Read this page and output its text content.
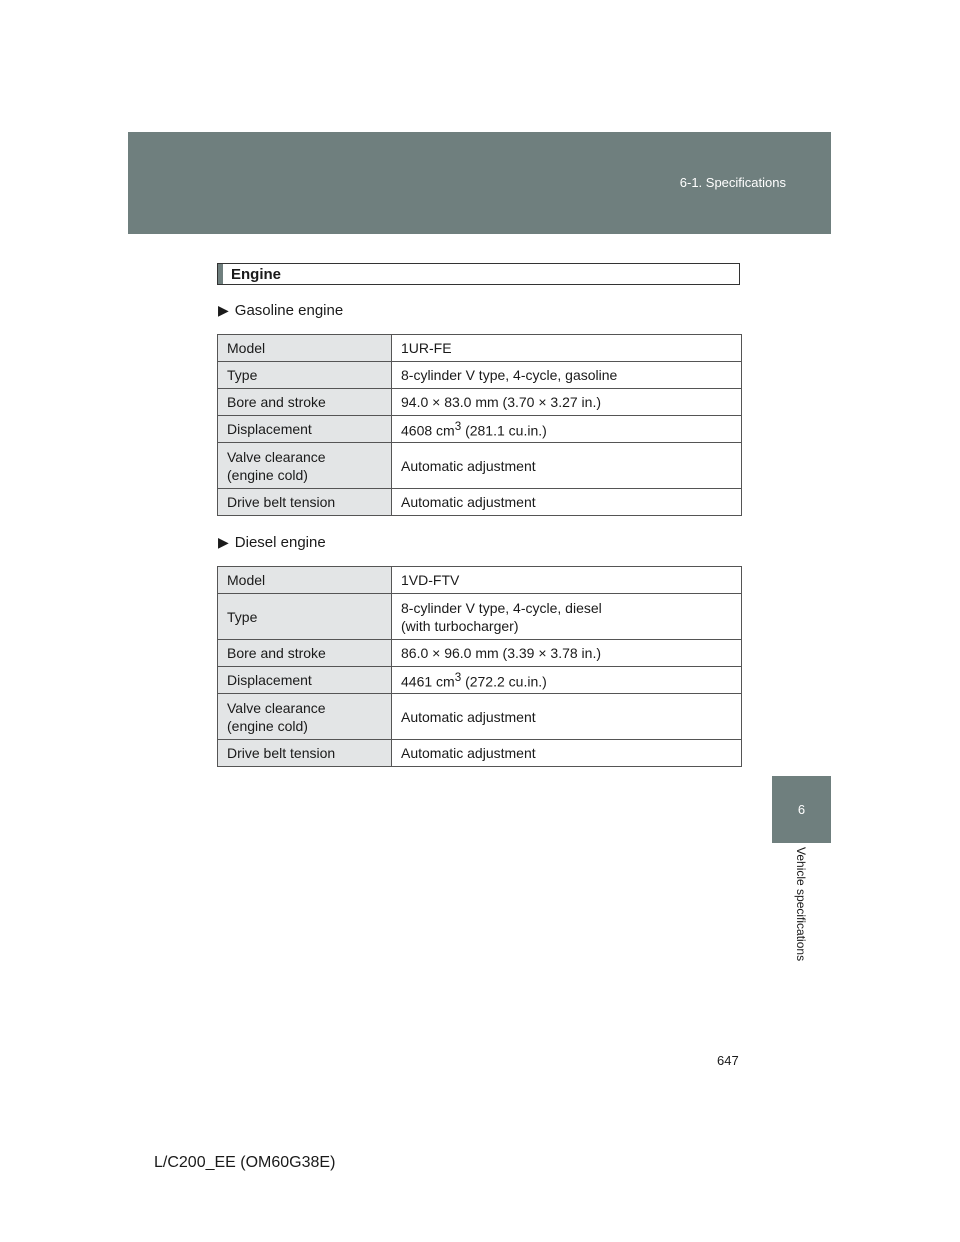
6-1. Specifications
6
Vehicle specifications
Engine
▶ Gasoline engine
Model	1UR-FE
Type	8-cylinder V type, 4-cycle, gasoline
Bore and stroke	94.0 × 83.0 mm (3.70 × 3.27 in.)
Displacement	4608 $cm^3$ (281.1 cu.in.)
Valve clearance
(engine cold)	Automatic adjustment
Drive belt tension	Automatic adjustment
▶ Diesel engine
Model	1VD-FTV
Type	8-cylinder V type, 4-cycle, diesel
(with turbocharger)
Bore and stroke	86.0 × 96.0 mm (3.39 × 3.78 in.)
Displacement	4461 $cm^3$ (272.2 cu.in.)
Valve clearance
(engine cold)	Automatic adjustment
Drive belt tension	Automatic adjustment
647
L/C200_EE (OM60G38E)
